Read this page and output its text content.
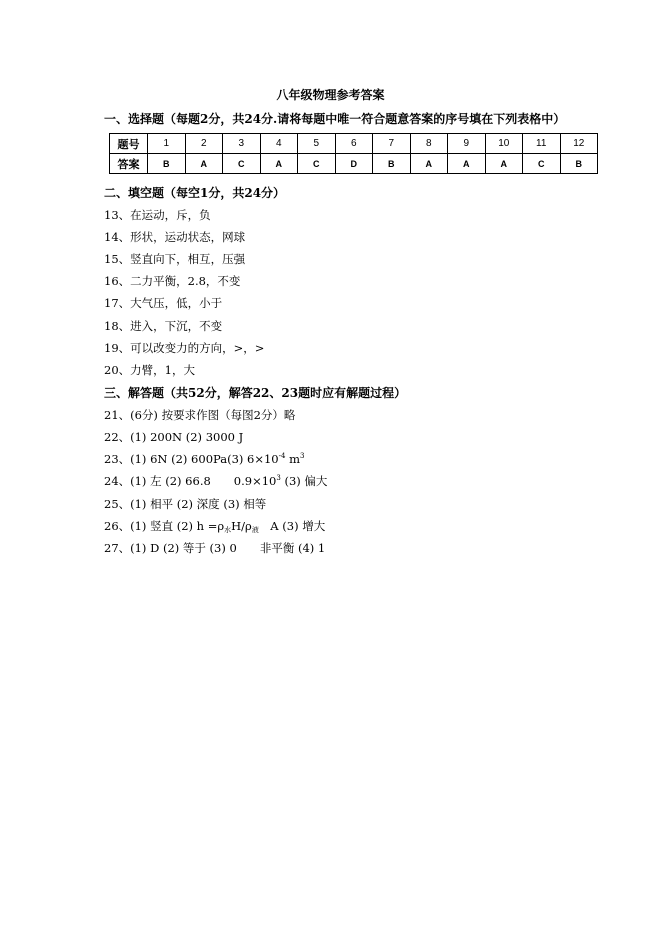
八年级物理参考答案
一、选择题（每题2分，共24分.请将每题中唯一符合题意答案的序号填在下列表格中）
题号	1	2	3	4	5	6	7	8	9	10	11	12
答案	B	A	C	A	C	D	B	A	A	A	C	B
二、填空题（每空1分，共24分）
13、在运动，斥，负
14、形状，运动状态，网球
15、竖直向下，相互，压强
16、二力平衡，2.8，不变
17、大气压，低，小于
18、进入，下沉，不变
19、可以改变力的方向，>，>
20、力臂，1，大
三、解答题（共52分，解答22、23题时应有解题过程）
21、(6分) 按要求作图（每图2分）略
22、(1) 200N (2) 3000 J
23、(1) 6N (2) 600Pa(3) $6\times 10^{-4}$ $m^3$
24、(1) 左 (2) 66.8　　$0.9\times 10^3$ (3) 偏大
25、(1) 相平 (2) 深度 (3) 相等
26、(1) 竖直 (2) $h =\rho_水H/\rho_液$　A (3) 增大
27、(1) D (2) 等于 (3) 0　　非平衡 (4) 1
